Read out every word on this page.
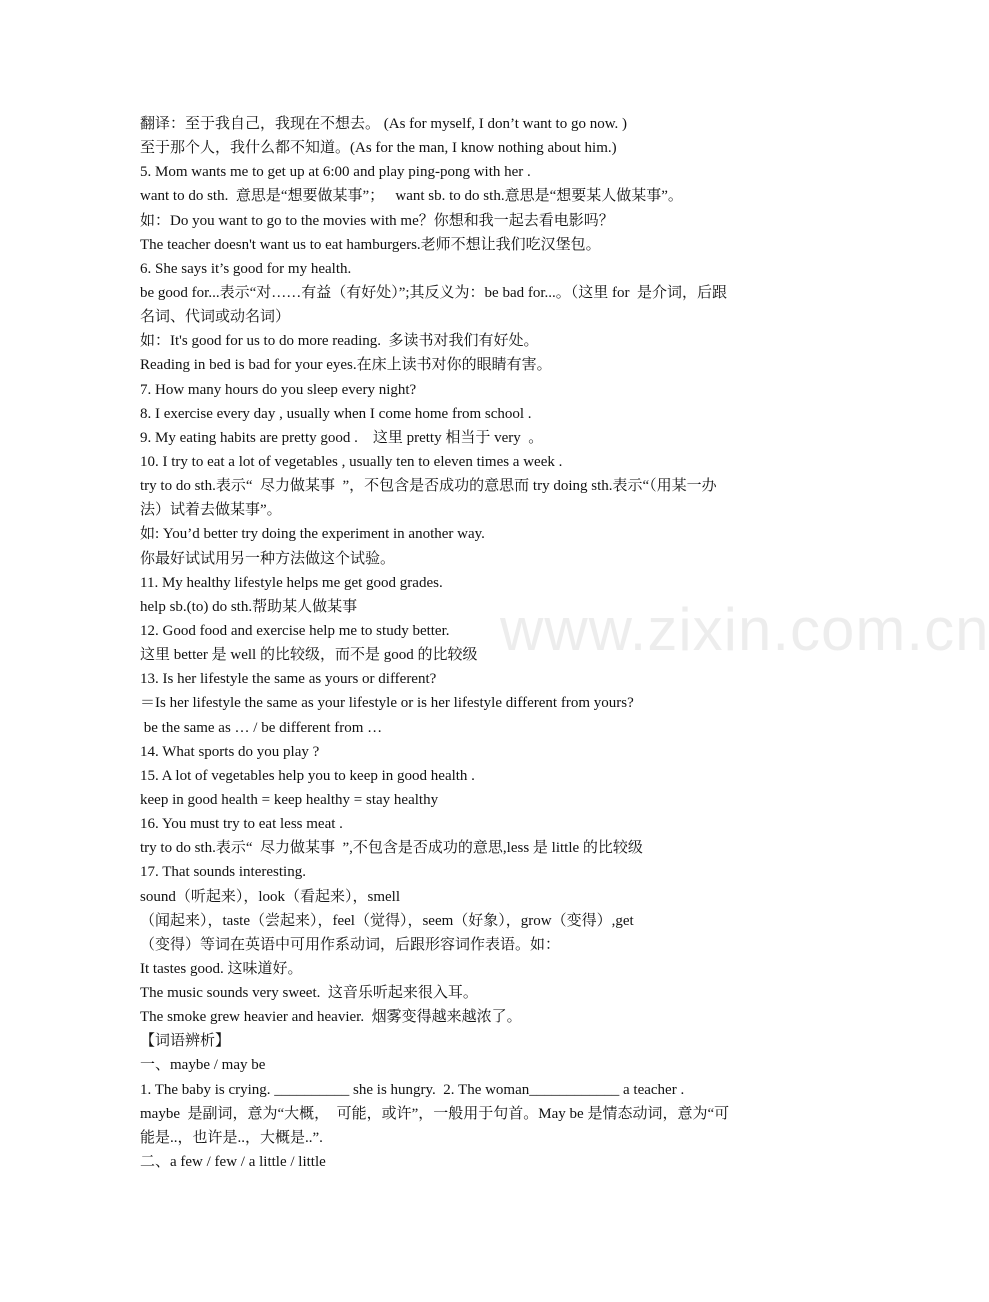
翻译：至于我自己，我现在不想去。 (As for myself, I don’t want to go now. )
至于那个人，我什么都不知道。(As for the man, I know nothing about him.)
5. Mom wants me to get up at 6:00 and play ping-pong with her .
want to do sth.  意思是“想要做某事”；   want sb. to do sth.意思是“想要某人做某事”。
如：Do you want to go to the movies with me？你想和我一起去看电影吗？
The teacher doesn't want us to eat hamburgers.老师不想让我们吃汉堡包。
6. She says it’s good for my health.
be good for...表示“对……有益（有好处）”;其反义为：be bad for...。（这里 for  是介词，后跟
名词、代词或动名词）
如：It's good for us to do more reading.  多读书对我们有好处。
Reading in bed is bad for your eyes.在床上读书对你的眼睛有害。
7. How many hours do you sleep every night?
8. I exercise every day , usually when I come home from school .
9. My eating habits are pretty good .    这里 pretty 相当于 very  。
10. I try to eat a lot of vegetables , usually ten to eleven times a week .
try to do sth.表示“  尽力做某事  ”，不包含是否成功的意思而 try doing sth.表示“（用某一办
法）试着去做某事”。
如: You’d better try doing the experiment in another way.
你最好试试用另一种方法做这个试验。
11. My healthy lifestyle helps me get good grades.
help sb.(to) do sth.帮助某人做某事
12. Good food and exercise help me to study better.
这里 better 是 well 的比较级，而不是 good 的比较级
13. Is her lifestyle the same as yours or different?
＝Is her lifestyle the same as your lifestyle or is her lifestyle different from yours?
be the same as … / be different from …
14. What sports do you play ?
15. A lot of vegetables help you to keep in good health .
keep in good health = keep healthy = stay healthy
16. You must try to eat less meat .
try to do sth.表示“  尽力做某事  ”,不包含是否成功的意思,less 是 little 的比较级
17. That sounds interesting.
sound（听起来），look（看起来），smell
（闻起来），taste（尝起来），feel（觉得），seem（好象），grow（变得）,get
（变得）等词在英语中可用作系动词，后跟形容词作表语。如：
It tastes good. 这味道好。
The music sounds very sweet.  这音乐听起来很入耳。
The smoke grew heavier and heavier.  烟雾变得越来越浓了。
【词语辨析】
一、maybe / may be
1. The baby is crying. __________ she is hungry.  2. The woman____________ a teacher .
maybe  是副词，意为“大概，  可能，或许”，一般用于句首。May be 是情态动词，意为“可
能是..，也许是..，大概是..”.
二、a few / few / a little / little
www.zixin.com.cn
